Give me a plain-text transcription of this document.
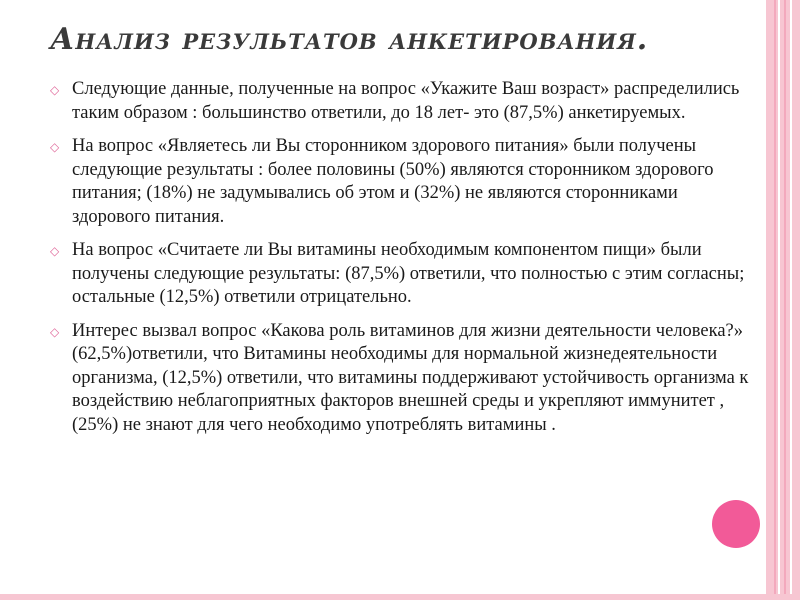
Анализ результатов анкетирования.
◇ Следующие данные, полученные на вопрос «Укажите Ваш возраст» распределились таким образом : большинство ответили, до 18 лет- это (87,5%) анкетируемых.
◇ На вопрос «Являетесь ли Вы сторонником здорового питания» были получены следующие результаты : более половины (50%) являются сторонником здорового питания; (18%) не задумывались об этом и (32%) не являются сторонниками здорового питания.
◇ На вопрос «Считаете ли Вы витамины необходимым компонентом пищи» были получены следующие результаты: (87,5%) ответили, что полностью с этим согласны; остальные (12,5%) ответили отрицательно.
◇ Интерес вызвал вопрос «Какова роль витаминов для жизни деятельности человека?» (62,5%)ответили, что Витамины необходимы для нормальной жизнедеятельности организма, (12,5%) ответили, что витамины поддерживают устойчивость организма к воздействию неблагоприятных факторов внешней среды и укрепляют иммунитет , (25%) не знают для чего необходимо употреблять витамины .
